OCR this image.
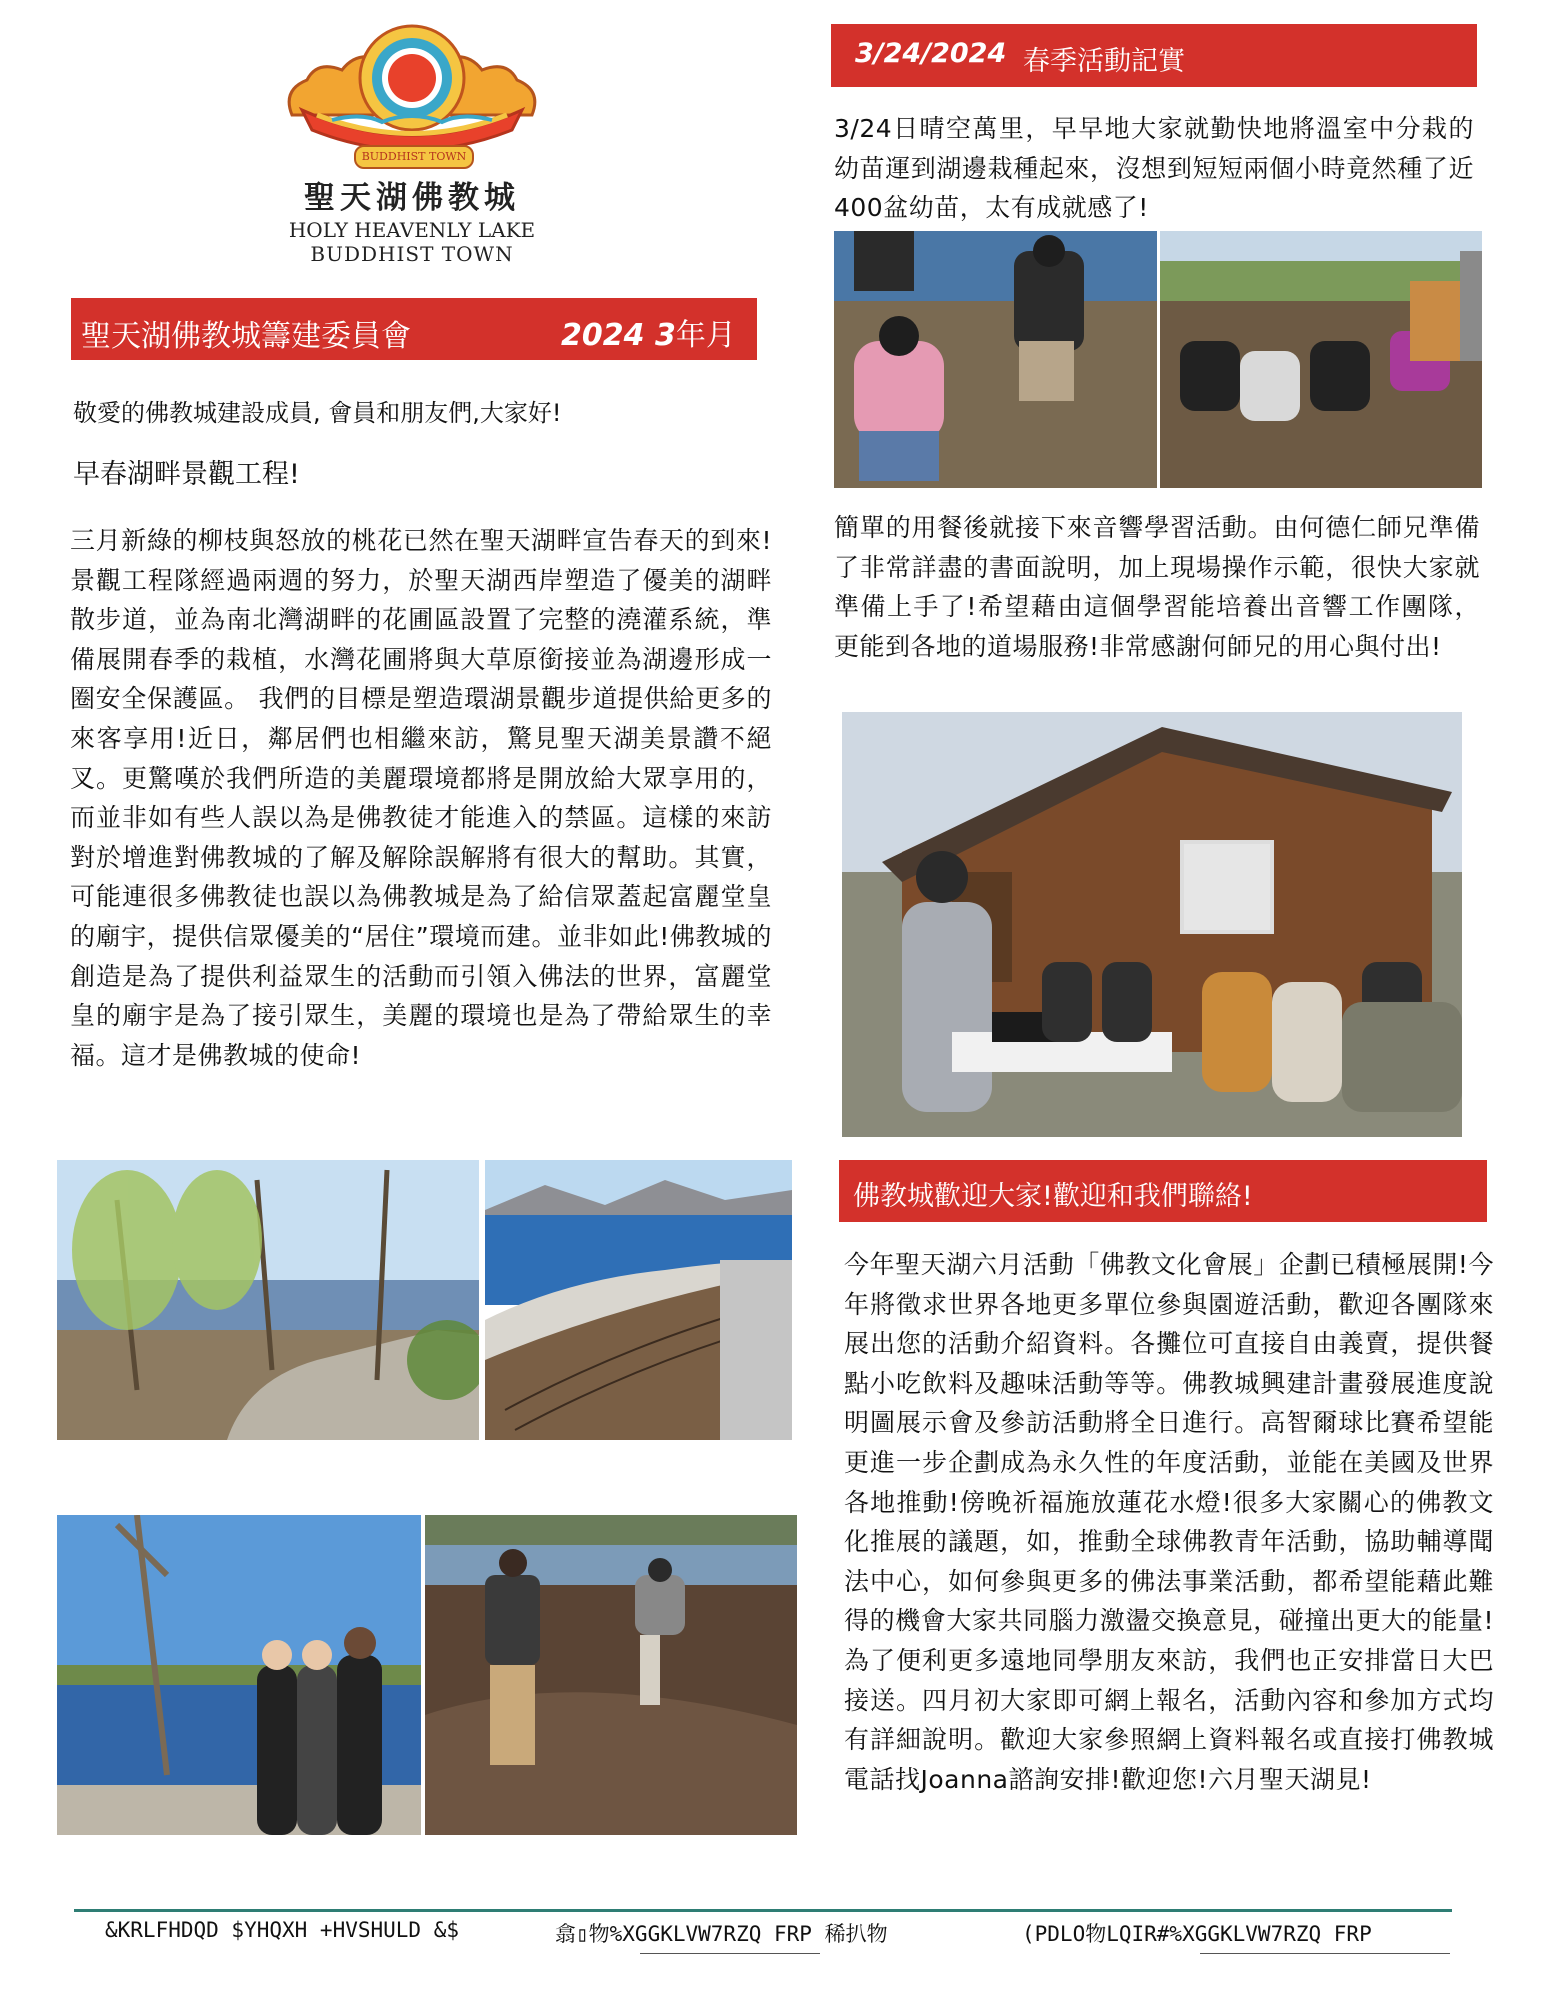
BUDDHIST TOWN
聖天湖佛教城
HOLY HEAVENLY LAKE
BUDDHIST TOWN
聖天湖佛教城籌建委員會	2024 3年月
敬愛的佛教城建設成員, 會員和朋友們,大家好!
早春湖畔景觀工程!
三月新綠的柳枝與怒放的桃花已然在聖天湖畔宣告春天的到來!景觀工程隊經過兩週的努力，於聖天湖西岸塑造了優美的湖畔散步道，並為南北灣湖畔的花圃區設置了完整的澆灌系統，準備展開春季的栽植，水灣花圃將與大草原銜接並為湖邊形成一圈安全保護區。 我們的目標是塑造環湖景觀步道提供給更多的來客享用!近日，鄰居們也相繼來訪，驚見聖天湖美景讚不絕叉。更驚嘆於我們所造的美麗環境都將是開放給大眾享用的，而並非如有些人誤以為是佛教徒才能進入的禁區。這樣的來訪對於增進對佛教城的了解及解除誤解將有很大的幫助。其實，可能連很多佛教徒也誤以為佛教城是為了給信眾蓋起富麗堂皇的廟宇，提供信眾優美的“居住”環境而建。並非如此!佛教城的創造是為了提供利益眾生的活動而引領入佛法的世界，富麗堂皇的廟宇是為了接引眾生，美麗的環境也是為了帶給眾生的幸福。這才是佛教城的使命!
3/24/2024 春季活動記實
3/24日晴空萬里，早早地大家就勤快地將溫室中分栽的幼苗運到湖邊栽種起來，沒想到短短兩個小時竟然種了近400盆幼苗，太有成就感了!
簡單的用餐後就接下來音響學習活動。由何德仁師兄準備了非常詳盡的書面說明，加上現場操作示範，很快大家就準備上手了!希望藉由這個學習能培養出音響工作團隊，更能到各地的道場服務!非常感謝何師兄的用心與付出!
佛教城歡迎大家!歡迎和我們聯絡!
今年聖天湖六月活動「佛教文化會展」企劃已積極展開!今年將徵求世界各地更多單位參與園遊活動，歡迎各團隊來展出您的活動介紹資料。各攤位可直接自由義賣，提供餐點小吃飲料及趣味活動等等。佛教城興建計畫發展進度說明圖展示會及參訪活動將全日進行。高智爾球比賽希望能更進一步企劃成為永久性的年度活動，並能在美國及世界各地推動!傍晚祈福施放蓮花水燈!很多大家關心的佛教文化推展的議題，如，推動全球佛教青年活動，協助輔導聞法中心，如何參與更多的佛法事業活動，都希望能藉此難得的機會大家共同腦力激盪交換意見，碰撞出更大的能量!為了便利更多遠地同學朋友來訪，我們也正安排當日大巴接送。四月初大家即可網上報名，活動內容和參加方式均有詳細說明。歡迎大家參照網上資料報名或直接打佛教城電話找Joanna諮詢安排!歡迎您!六月聖天湖見!
&KRLFHDQD $YHQXH +HVSHULD &$	翕▯物%XGGKLVW7RZQ FRP 稀扒物	(PDLO物LQIR#%XGGKLVW7RZQ FRP
